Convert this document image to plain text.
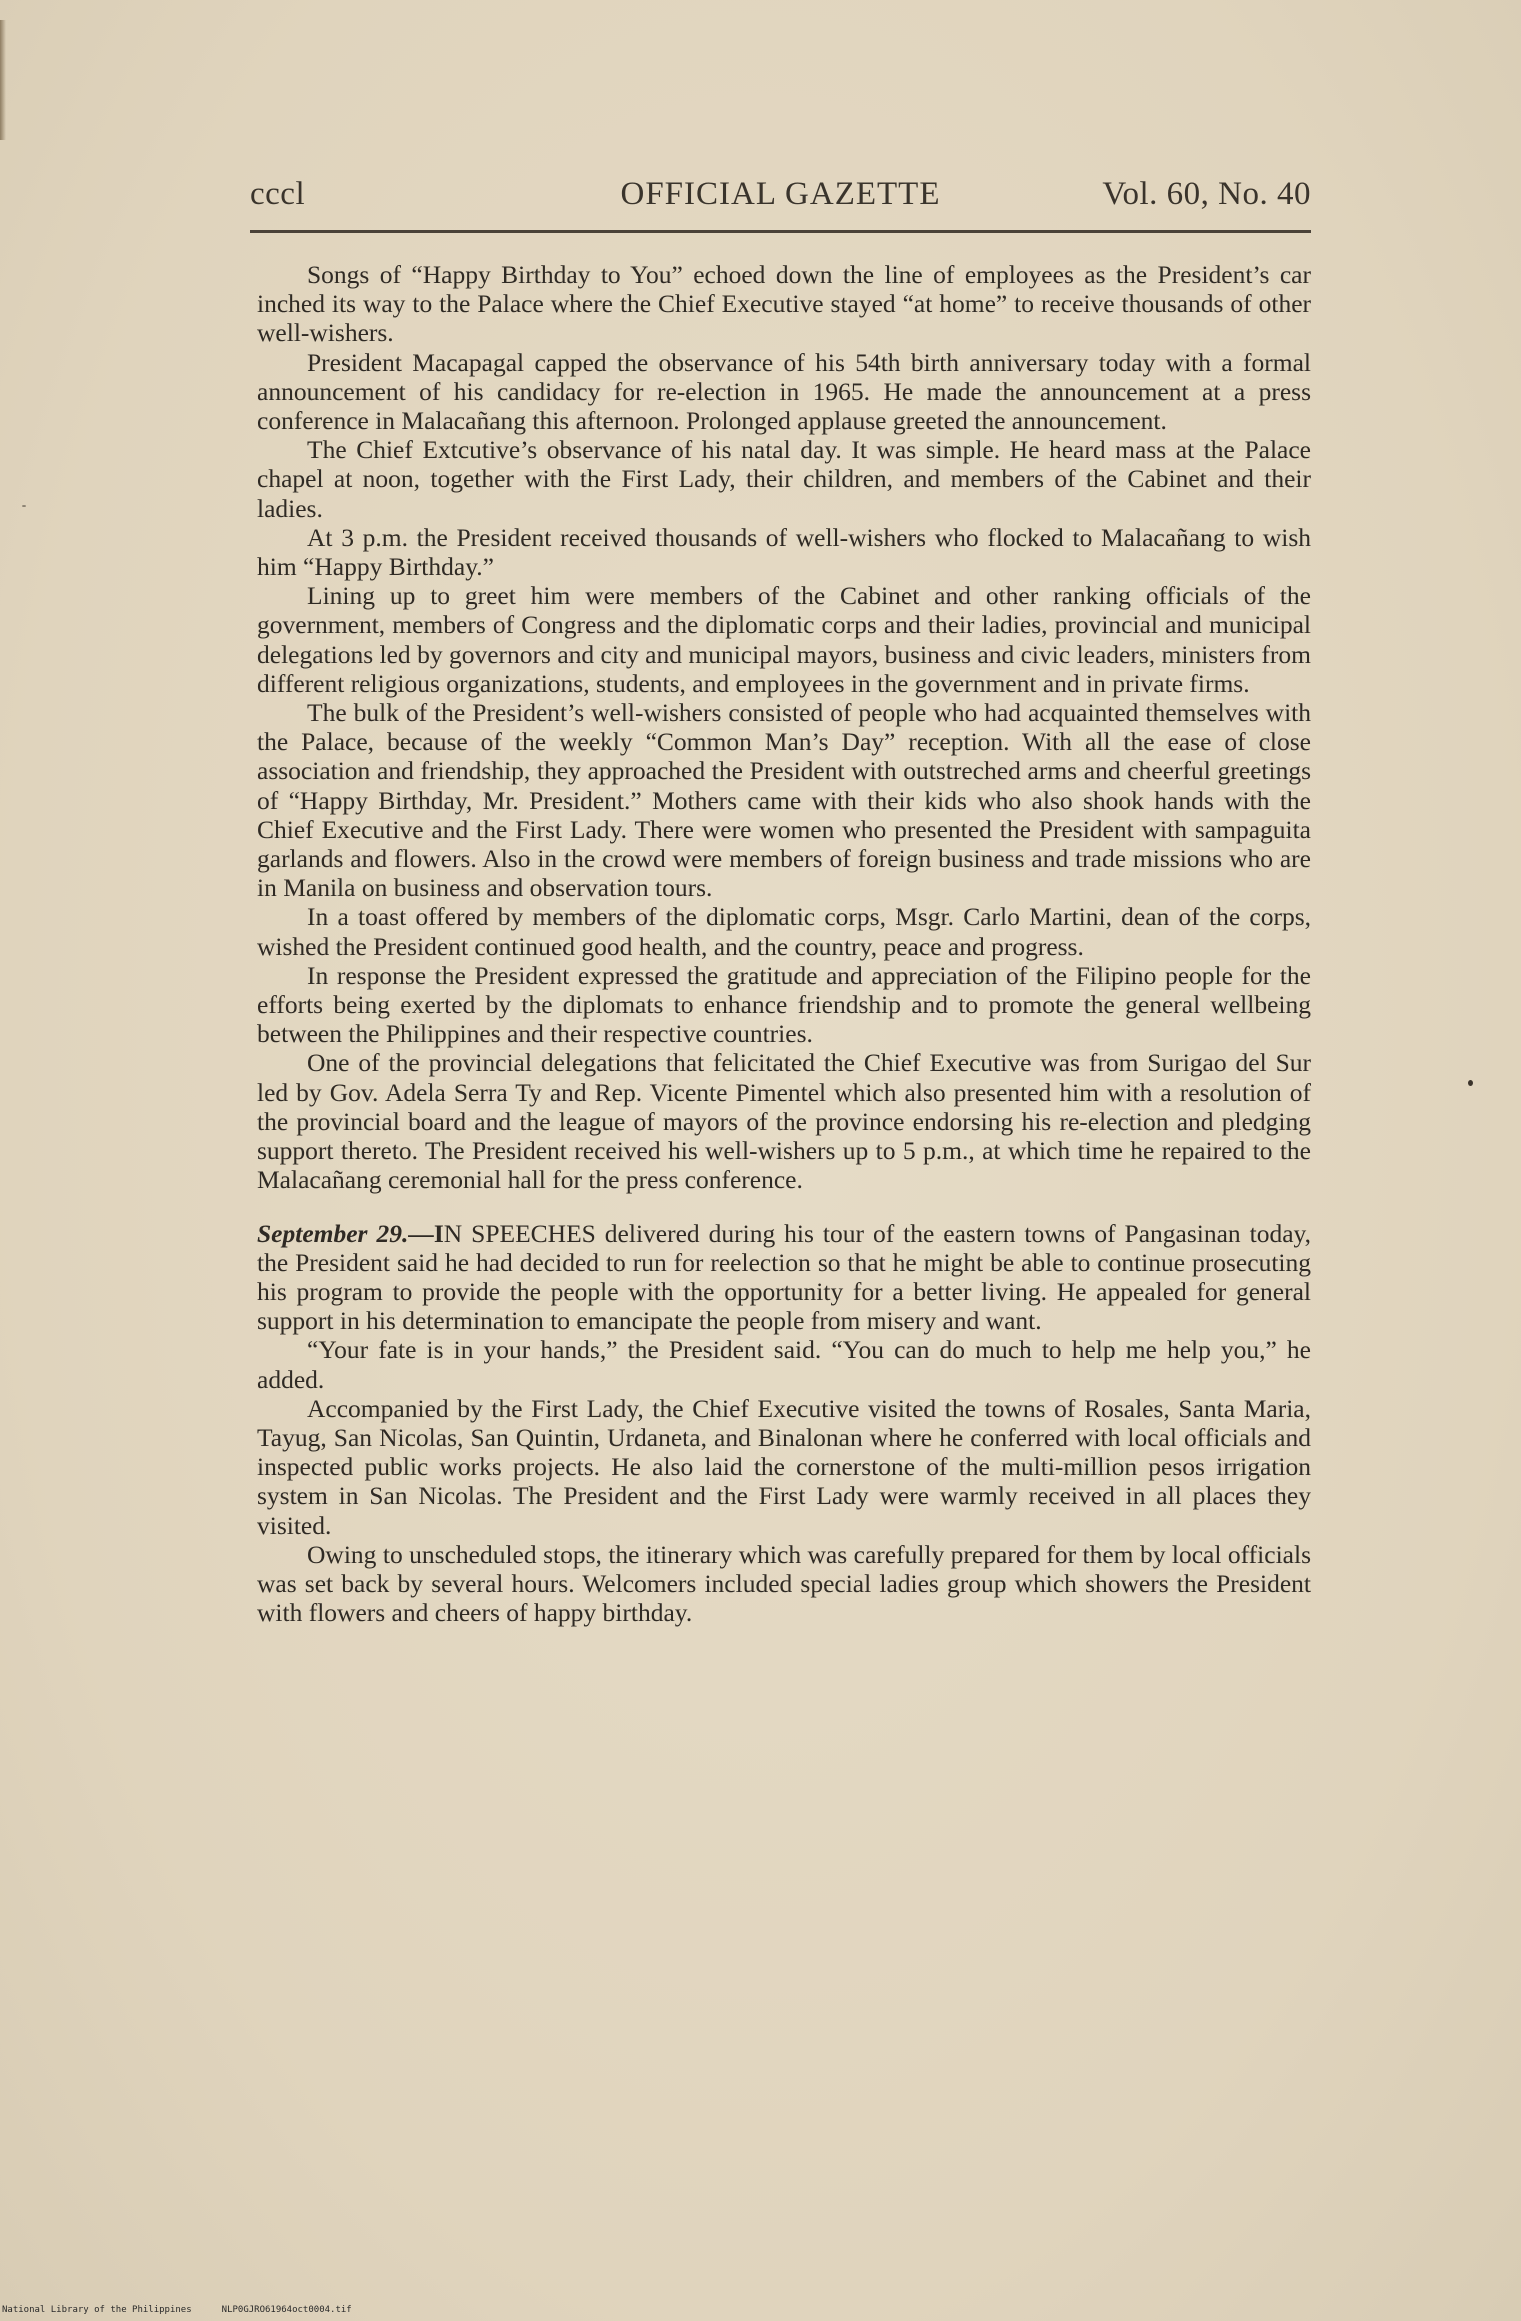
cccl	OFFICIAL GAZETTE	Vol. 60, No. 40

Songs of “Happy Birthday to You” echoed down the line of employees as the President’s car inched its way to the Palace where the Chief Executive stayed “at home” to receive thousands of other well-wishers.

President Macapagal capped the observance of his 54th birth anniversary today with a formal announcement of his candidacy for re-election in 1965. He made the announcement at a press conference in Malacañang this afternoon. Prolonged applause greeted the announcement.

The Chief Extcutive’s observance of his natal day. It was simple. He heard mass at the Palace chapel at noon, together with the First Lady, their children, and members of the Cabinet and their ladies.

At 3 p.m. the President received thousands of well-wishers who flocked to Malacañang to wish him “Happy Birthday.”

Lining up to greet him were members of the Cabinet and other ranking officials of the government, members of Congress and the diplomatic corps and their ladies, provincial and municipal delegations led by governors and city and municipal mayors, business and civic leaders, ministers from different religious organizations, students, and employees in the government and in private firms.

The bulk of the President’s well-wishers consisted of people who had acquainted themselves with the Palace, because of the weekly “Common Man’s Day” reception. With all the ease of close association and friendship, they approached the President with outstreched arms and cheerful greetings of “Happy Birthday, Mr. President.” Mothers came with their kids who also shook hands with the Chief Executive and the First Lady. There were women who presented the President with sampaguita garlands and flowers. Also in the crowd were members of foreign business and trade missions who are in Manila on business and observation tours.

In a toast offered by members of the diplomatic corps, Msgr. Carlo Martini, dean of the corps, wished the President continued good health, and the country, peace and progress.

In response the President expressed the gratitude and appreciation of the Filipino people for the efforts being exerted by the diplomats to enhance friendship and to promote the general wellbeing between the Philippines and their respective countries.

One of the provincial delegations that felicitated the Chief Executive was from Surigao del Sur led by Gov. Adela Serra Ty and Rep. Vicente Pimentel which also presented him with a resolution of the provincial board and the league of mayors of the province endorsing his re-election and pledging support thereto. The President received his well-wishers up to 5 p.m., at which time he repaired to the Malacañang ceremonial hall for the press conference.

September 29.—IN SPEECHES delivered during his tour of the eastern towns of Pangasinan today, the President said he had decided to run for reelection so that he might be able to continue prosecuting his program to provide the people with the opportunity for a better living. He appealed for general support in his determination to emancipate the people from misery and want.

“Your fate is in your hands,” the President said. “You can do much to help me help you,” he added.

Accompanied by the First Lady, the Chief Executive visited the towns of Rosales, Santa Maria, Tayug, San Nicolas, San Quintin, Urdaneta, and Binalonan where he conferred with local officials and inspected public works projects. He also laid the cornerstone of the multi-million pesos irrigation system in San Nicolas. The President and the First Lady were warmly received in all places they visited.

Owing to unscheduled stops, the itinerary which was carefully prepared for them by local officials was set back by several hours. Welcomers included special ladies group which showers the President with flowers and cheers of happy birthday.

National Library of the Philippines	NLP0GJRO61964oct0004.tif
